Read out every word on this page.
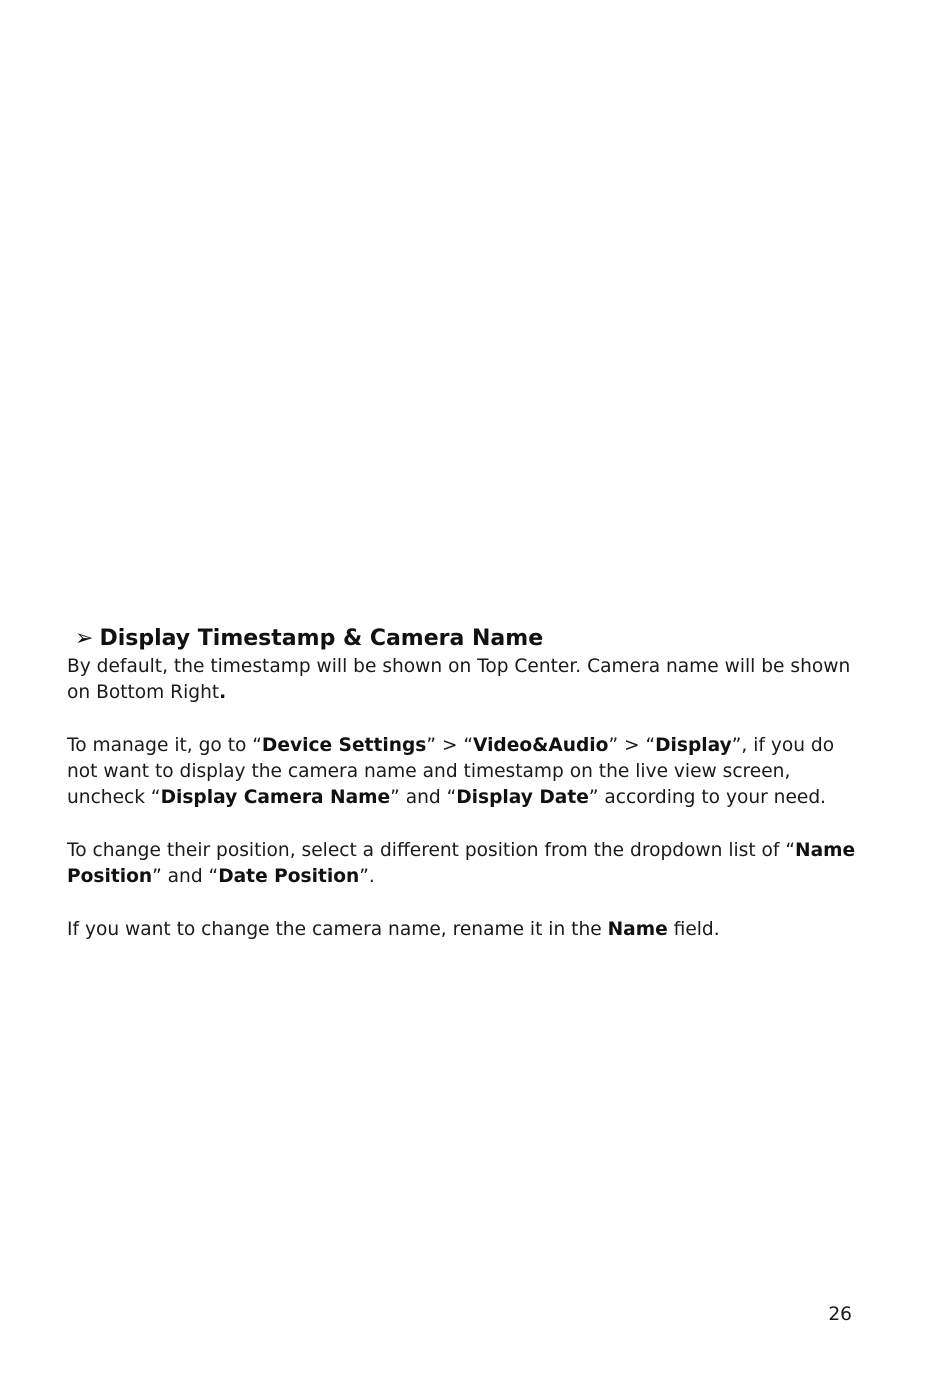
➢ Display Timestamp & Camera Name

By default, the timestamp will be shown on Top Center. Camera name will be shown on Bottom Right.

To manage it, go to “Device Settings” > “Video&Audio” > “Display”, if you do not want to display the camera name and timestamp on the live view screen, uncheck “Display Camera Name” and “Display Date” according to your need.

To change their position, select a different position from the dropdown list of “Name Position” and “Date Position”.

If you want to change the camera name, rename it in the Name field.

26
